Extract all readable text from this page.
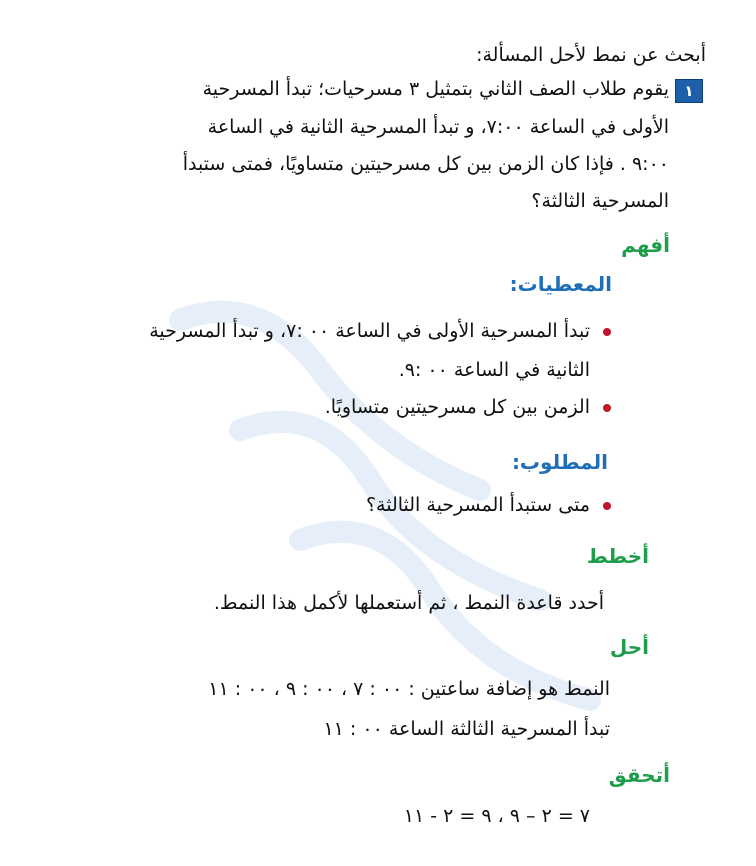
أبحث عن نمط لأحل المسألة:
١
يقوم طلاب الصف الثاني بتمثيل ٣ مسرحيات؛ تبدأ المسرحية
الأولى في الساعة ٧:٠٠، و تبدأ المسرحية الثانية في الساعة
٩:٠٠ . فإذا كان الزمن بين كل مسرحيتين متساويًا، فمتى ستبدأ
المسرحية الثالثة؟
أفهم
المعطيات:
تبدأ المسرحية الأولى في الساعة ٠٠ :٧، و تبدأ المسرحية
الثانية في الساعة ٠٠ :٩.
الزمن بين كل مسرحيتين متساويًا.
المطلوب:
متى ستبدأ المسرحية الثالثة؟
أخطط
أحدد قاعدة النمط ، ثم أستعملها لأكمل هذا النمط.
أحل
النمط هو إضافة ساعتين : ٠٠ : ٧ ، ٠٠ : ٩ ، ٠٠ : ١١
تبدأ المسرحية الثالثة الساعة ٠٠ : ١١
أتحقق
٧ = ٢ – ٩ ، ٩ = ٢ - ١١
